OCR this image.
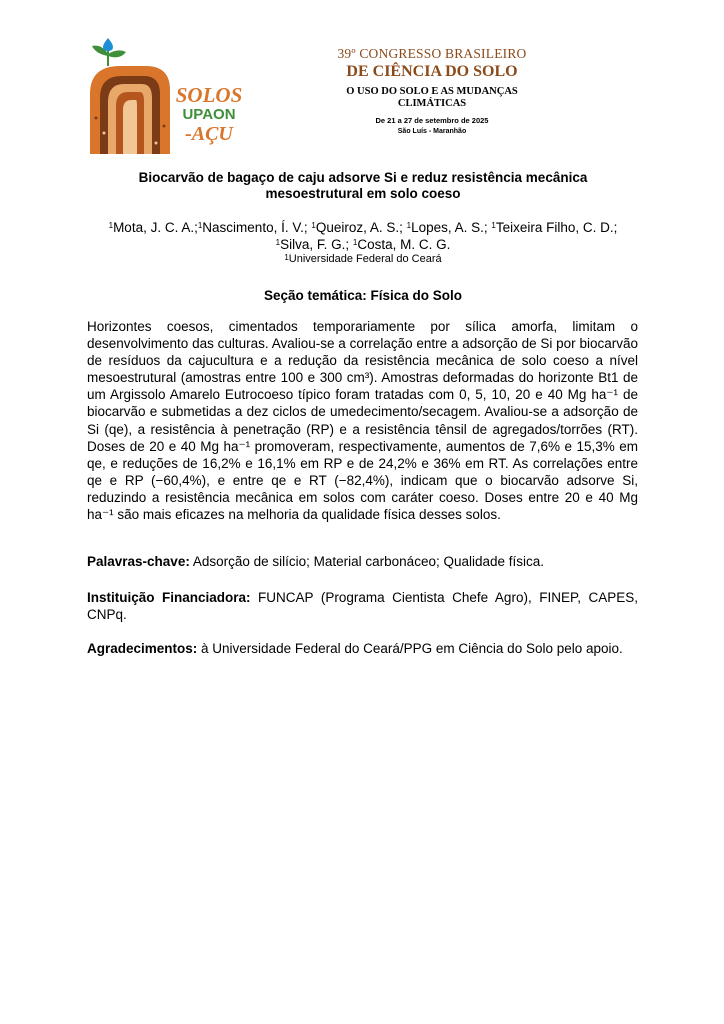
SOLOS
UPAON
-AÇU
39º CONGRESSO BRASILEIRO
DE CIÊNCIA DO SOLO
O USO DO SOLO E AS MUDANÇAS
CLIMÁTICAS
De 21 a 27 de setembro de 2025
São Luís - Maranhão
Biocarvão de bagaço de caju adsorve Si e reduz resistência mecânica mesoestrutural em solo coeso
$^1$Mota, J. C. A.;$^1$Nascimento, Í. V.; $^1$Queiroz, A. S.; $^1$Lopes, A. S.; $^1$Teixeira Filho, C. D.; $^1$Silva, F. G.; $^1$Costa, M. C. G.
$^1$Universidade Federal do Ceará
Seção temática: Física do Solo
Horizontes coesos, cimentados temporariamente por sílica amorfa, limitam o desenvolvimento das culturas. Avaliou-se a correlação entre a adsorção de Si por biocarvão de resíduos da cajucultura e a redução da resistência mecânica de solo coeso a nível mesoestrutural (amostras entre 100 e 300 cm³). Amostras deformadas do horizonte Bt1 de um Argissolo Amarelo Eutrocoeso típico foram tratadas com 0, 5, 10, 20 e 40 Mg ha⁻¹ de biocarvão e submetidas a dez ciclos de umedecimento/secagem. Avaliou-se a adsorção de Si (qe), a resistência à penetração (RP) e a resistência tênsil de agregados/torrões (RT). Doses de 20 e 40 Mg ha⁻¹ promoveram, respectivamente, aumentos de 7,6% e 15,3% em qe, e reduções de 16,2% e 16,1% em RP e de 24,2% e 36% em RT. As correlações entre qe e RP (−60,4%), e entre qe e RT (−82,4%), indicam que o biocarvão adsorve Si, reduzindo a resistência mecânica em solos com caráter coeso. Doses entre 20 e 40 Mg ha⁻¹ são mais eficazes na melhoria da qualidade física desses solos.
Palavras-chave: Adsorção de silício; Material carbonáceo; Qualidade física.
Instituição Financiadora: FUNCAP (Programa Cientista Chefe Agro), FINEP, CAPES, CNPq.
Agradecimentos: à Universidade Federal do Ceará/PPG em Ciência do Solo pelo apoio.
